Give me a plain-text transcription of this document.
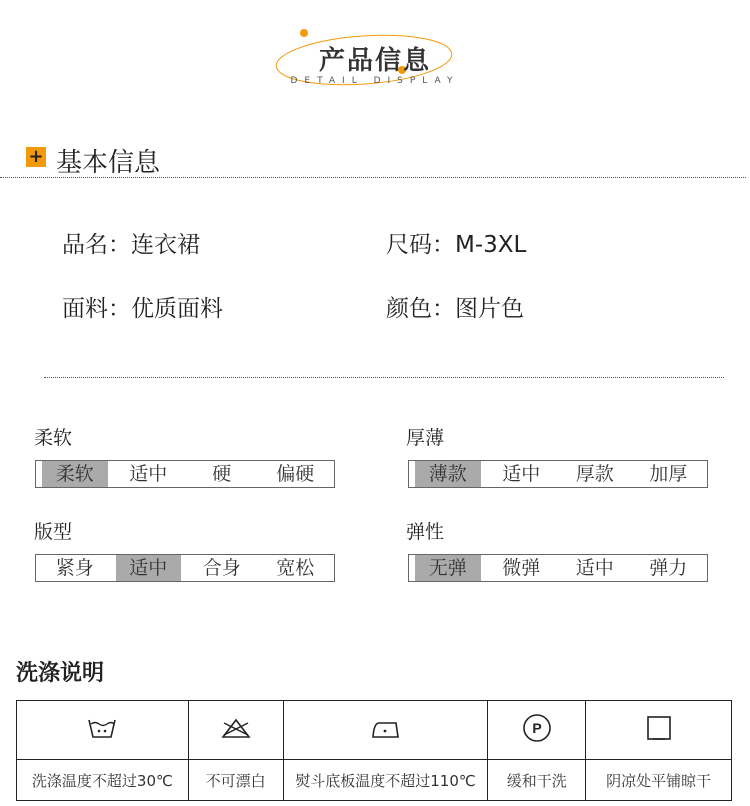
产品信息
DETAIL DISPLAY
+ 基本信息
品名 ： 连衣裙	尺码 ： M-3XL
面料 ： 优质面料	颜色 ： 图片色
柔软
柔软	适中	硬	偏硬
厚薄
薄款	适中	厚款	加厚
版型
紧身	适中	合身	宽松
弹性
无弹	微弹	适中	弹力
洗涤说明

P

洗涤温度不超过30℃	不可漂白	熨斗底板温度不超过110℃	缓和干洗	阴凉处平铺晾干
